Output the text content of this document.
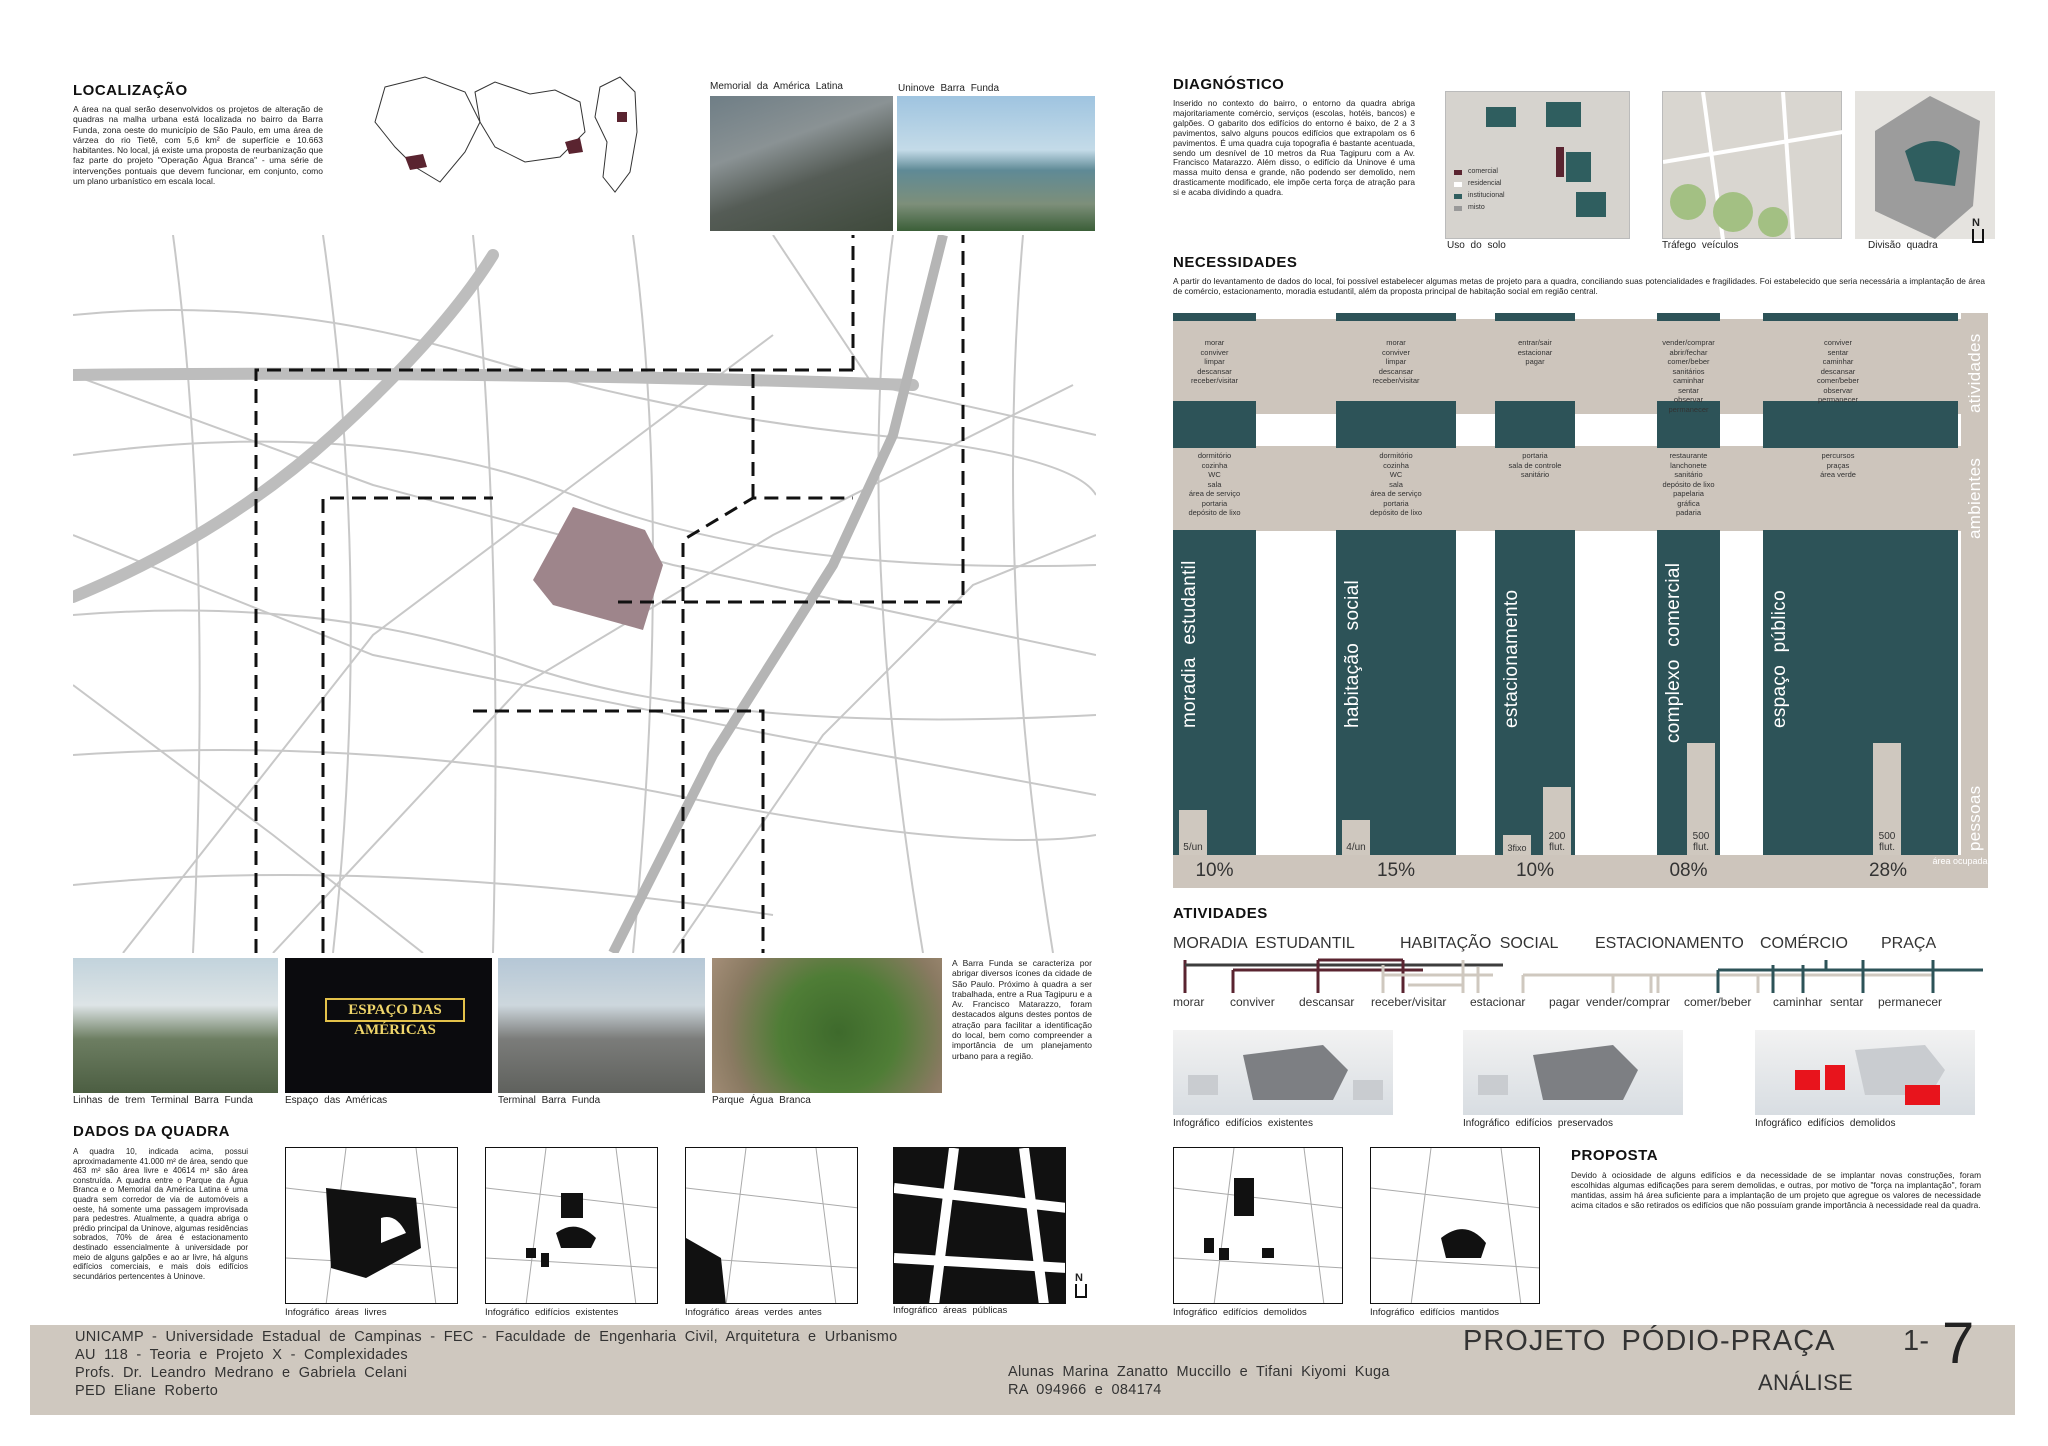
LOCALIZAÇÃO
A área na qual serão desenvolvidos os projetos de alteração de quadras na malha urbana está localizada no bairro da Barra Funda, zona oeste do município de São Paulo, em uma área de várzea do rio Tietê, com 5,6 km² de superfície e 10.663 habitantes. No local, já existe uma proposta de reurbanização que faz parte do projeto "Operação Água Branca" - uma série de intervenções pontuais que devem funcionar, em conjunto, como um plano urbanístico em escala local.
Memorial da América Latina	Uninove Barra Funda
Linhas de trem Terminal Barra Funda
ESPAÇO DAS AMÉRICAS
Espaço das Américas	Terminal Barra Funda	Parque Água Branca
A Barra Funda se caracteriza por abrigar diversos ícones da cidade de São Paulo. Próximo à quadra a ser trabalhada, entre a Rua Tagipuru e a Av. Francisco Matarazzo, foram destacados alguns destes pontos de atração para facilitar a identificação do local, bem como compreender a importância de um planejamento urbano para a região.
DADOS DA QUADRA
A quadra 10, indicada acima, possui aproximadamente 41.000 m² de área, sendo que 463 m² são área livre e 40614 m² são área construída. A quadra entre o Parque da Água Branca e o Memorial da América Latina é uma quadra sem corredor de via de automóveis a oeste, há somente uma passagem improvisada para pedestres. Atualmente, a quadra abriga o prédio principal da Uninove, algumas residências sobrados, 70% de área é estacionamento destinado essencialmente à universidade por meio de alguns galpões e ao ar livre, há alguns edifícios comerciais, e mais dois edifícios secundários pertencentes à Uninove.
Infográfico áreas livres	Infográfico edifícios existentes	Infográfico áreas verdes antes	Infográfico áreas públicas
N
DIAGNÓSTICO
Inserido no contexto do bairro, o entorno da quadra abriga majoritariamente comércio, serviços (escolas, hotéis, bancos) e galpões. O gabarito dos edifícios do entorno é baixo, de 2 a 3 pavimentos, salvo alguns poucos edifícios que extrapolam os 6 pavimentos. É uma quadra cuja topografia é bastante acentuada, sendo um desnível de 10 metros da Rua Tagipuru com a Av. Francisco Matarazzo. Além disso, o edifício da Uninove é uma massa muito densa e grande, não podendo ser demolido, nem drasticamente modificado, ele impõe certa força de atração para si e acaba dividindo a quadra.
comercial
residencial
institucional
misto
Uso do solo	Tráfego veículos	Divisão quadra
N
NECESSIDADES
A partir do levantamento de dados do local, foi possível estabelecer algumas metas de projeto para a quadra, conciliando suas potencialidades e fragilidades. Foi estabelecido que seria necessária a implantação de área de comércio, estacionamento, moradia estudantil, além da proposta principal de habitação social em região central.
atividades
ambientes
pessoas
área ocupada
morar
conviver
limpar
descansar
receber/visitar
dormitório
cozinha
WC
sala
área de serviço
portaria
depósito de lixo
moradia estudantil
5/un
10%
morar
conviver
limpar
descansar
receber/visitar
dormitório
cozinha
WC
sala
área de serviço
portaria
depósito de lixo
habitação social
4/un
15%
entrar/sair
estacionar
pagar
portaria
sala de controle
sanitário
estacionamento
3fixo
200
flut.
10%
vender/comprar
abrir/fechar
comer/beber
sanitários
caminhar
sentar
observar
permanecer
restaurante
lanchonete
sanitário
depósito de lixo
papelaria
gráfica
padaria
complexo comercial
500
flut.
08%
conviver
sentar
caminhar
descansar
comer/beber
observar
permanecer
percursos
praças
área verde
espaço público
500
flut.
28%
ATIVIDADES
MORADIA ESTUDANTIL	HABITAÇÃO SOCIAL ESTACIONAMENTO COMÉRCIO PRAÇA
morar conviver descansar receber/visitar estacionar pagar vender/comprar comer/beber caminhar sentar permanecer
Infográfico edifícios existentes	Infográfico edifícios preservados	Infográfico edifícios demolidos
Infográfico edifícios demolidos	Infográfico edifícios mantidos
PROPOSTA
Devido à ociosidade de alguns edifícios e da necessidade de se implantar novas construções, foram escolhidas algumas edificações para serem demolidas, e outras, por motivo de "força na implantação", foram mantidas, assim há área suficiente para a implantação de um projeto que agregue os valores de necessidade acima citados e são retirados os edifícios que não possuíam grande importância à necessidade real da quadra.
UNICAMP - Universidade Estadual de Campinas - FEC - Faculdade de Engenharia Civil, Arquitetura e Urbanismo
AU 118 - Teoria e Projeto X - Complexidades
Profs. Dr. Leandro Medrano e Gabriela Celani
PED Eliane Roberto
Alunas Marina Zanatto Muccillo e Tifani Kiyomi Kuga
RA 094966 e 084174
PROJETO PÓDIO-PRAÇA 1- 7
ANÁLISE
